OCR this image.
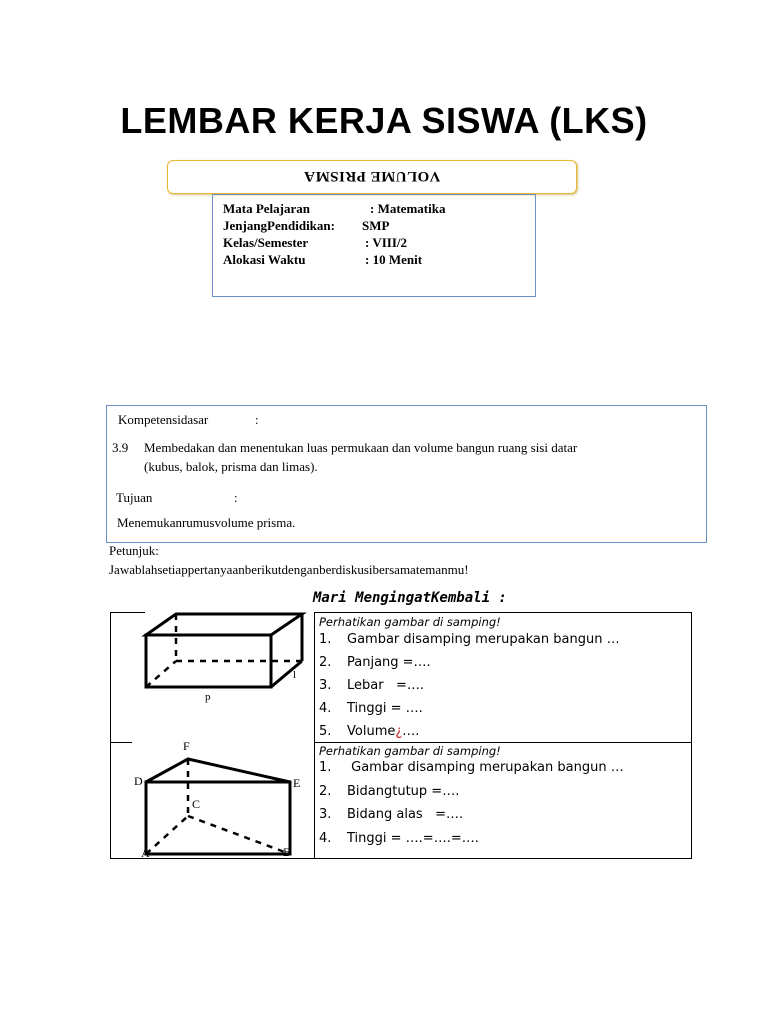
LEMBAR KERJA SISWA (LKS)
VOLUME PRISMA
Mata Pelajaran	: Matematika
JenjangPendidikan: SMP
Kelas/Semester	: VIII/2
Alokasi Waktu	: 10 Menit
Kompetensidasar	:
3.9 Membedakan dan menentukan luas permukaan dan volume bangun ruang sisi datar
(kubus, balok, prisma dan limas).
Tujuan	:
Menemukanrumusvolume prisma.
Petunjuk:
Jawablahsetiappertanyaanberikutdenganberdiskusibersamatemanmu!
Mari MengingatKembali :
t
l
p
F
D	E
C
A	B
Perhatikan gambar di samping!
1. Gambar disamping merupakan bangun …
2. Panjang =….
3. Lebar   =….
4. Tinggi = ….
5. Volume¿….
Perhatikan gambar di samping!
1. Gambar disamping merupakan bangun …
2. Bidangtutup =….
3. Bidang alas   =….
4. Tinggi = ….=….=….
